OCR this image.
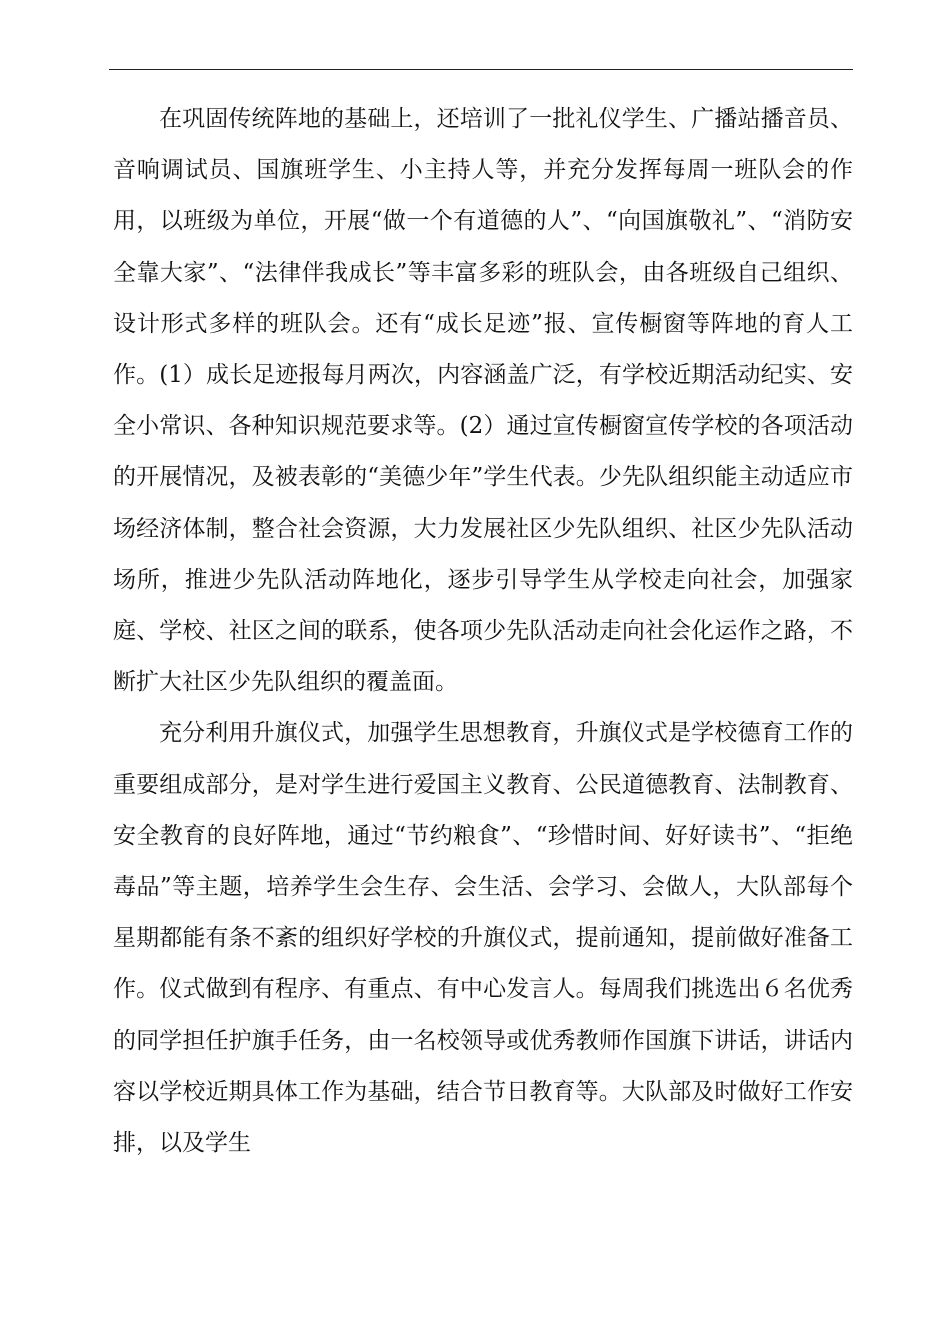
在巩固传统阵地的基础上，还培训了一批礼仪学生、广播站播音员、音响调试员、国旗班学生、小主持人等，并充分发挥每周一班队会的作用，以班级为单位，开展“做一个有道德的人”、“向国旗敬礼”、“消防安全靠大家”、“法律伴我成长”等丰富多彩的班队会，由各班级自己组织、设计形式多样的班队会。还有“成长足迹”报、宣传橱窗等阵地的育人工作。(1）成长足迹报每月两次，内容涵盖广泛，有学校近期活动纪实、安全小常识、各种知识规范要求等。(2）通过宣传橱窗宣传学校的各项活动的开展情况，及被表彰的“美德少年”学生代表。少先队组织能主动适应市场经济体制，整合社会资源，大力发展社区少先队组织、社区少先队活动场所，推进少先队活动阵地化，逐步引导学生从学校走向社会，加强家庭、学校、社区之间的联系，使各项少先队活动走向社会化运作之路，不断扩大社区少先队组织的覆盖面。

充分利用升旗仪式，加强学生思想教育，升旗仪式是学校德育工作的重要组成部分，是对学生进行爱国主义教育、公民道德教育、法制教育、安全教育的良好阵地，通过“节约粮食”、“珍惜时间、好好读书”、“拒绝毒品”等主题，培养学生会生存、会生活、会学习、会做人，大队部每个星期都能有条不紊的组织好学校的升旗仪式，提前通知，提前做好准备工作。仪式做到有程序、有重点、有中心发言人。每周我们挑选出６名优秀的同学担任护旗手任务，由一名校领导或优秀教师作国旗下讲话，讲话内容以学校近期具体工作为基础，结合节日教育等。大队部及时做好工作安排，以及学生
